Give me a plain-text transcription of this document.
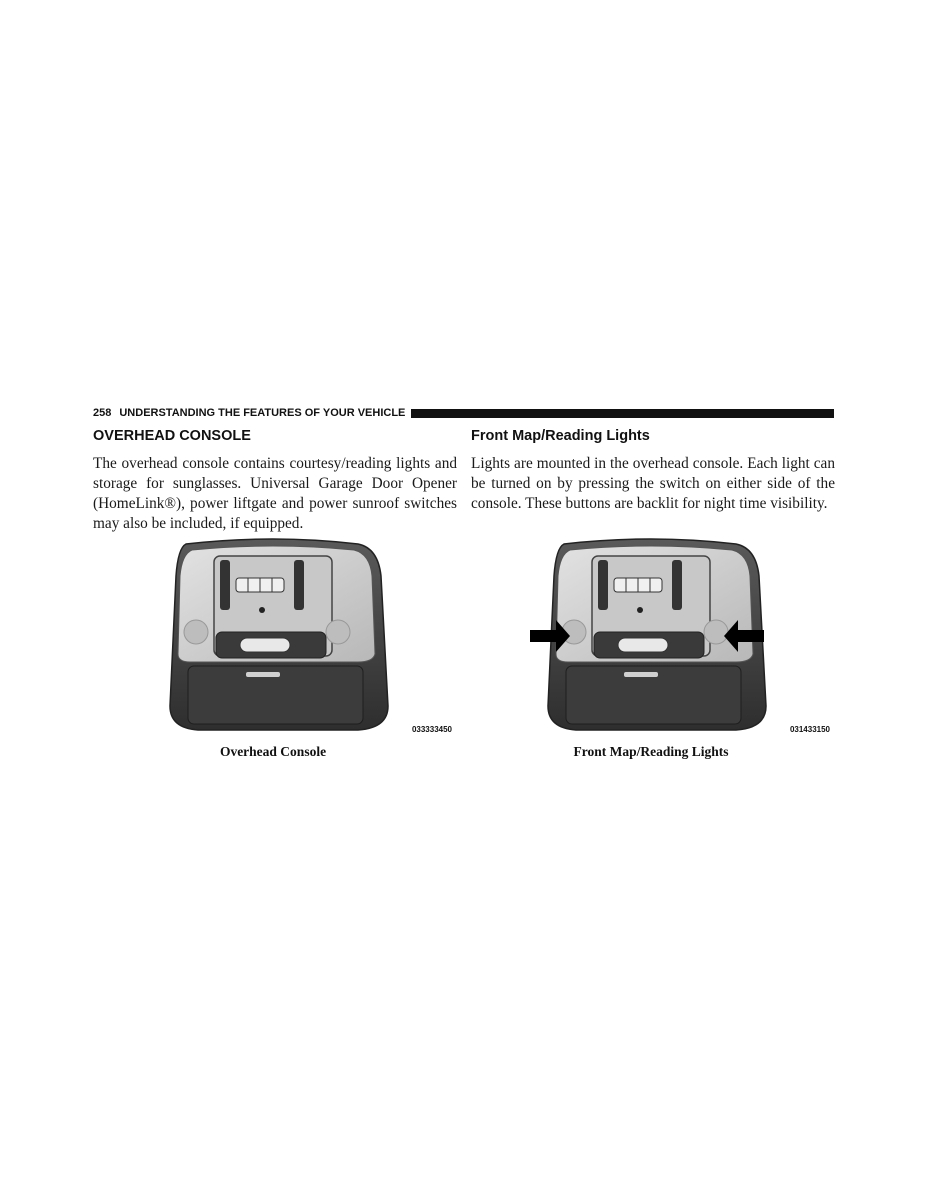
258 UNDERSTANDING THE FEATURES OF YOUR VEHICLE
OVERHEAD CONSOLE

The overhead console contains courtesy/reading lights and storage for sunglasses. Universal Garage Door Opener (HomeLink®), power liftgate and power sunroof switches may also be included, if equipped.

Front Map/Reading Lights

Lights are mounted in the overhead console. Each light can be turned on by pressing the switch on either side of the console. These buttons are backlit for night time visibility.

033333450
Overhead Console
031433150
Front Map/Reading Lights
